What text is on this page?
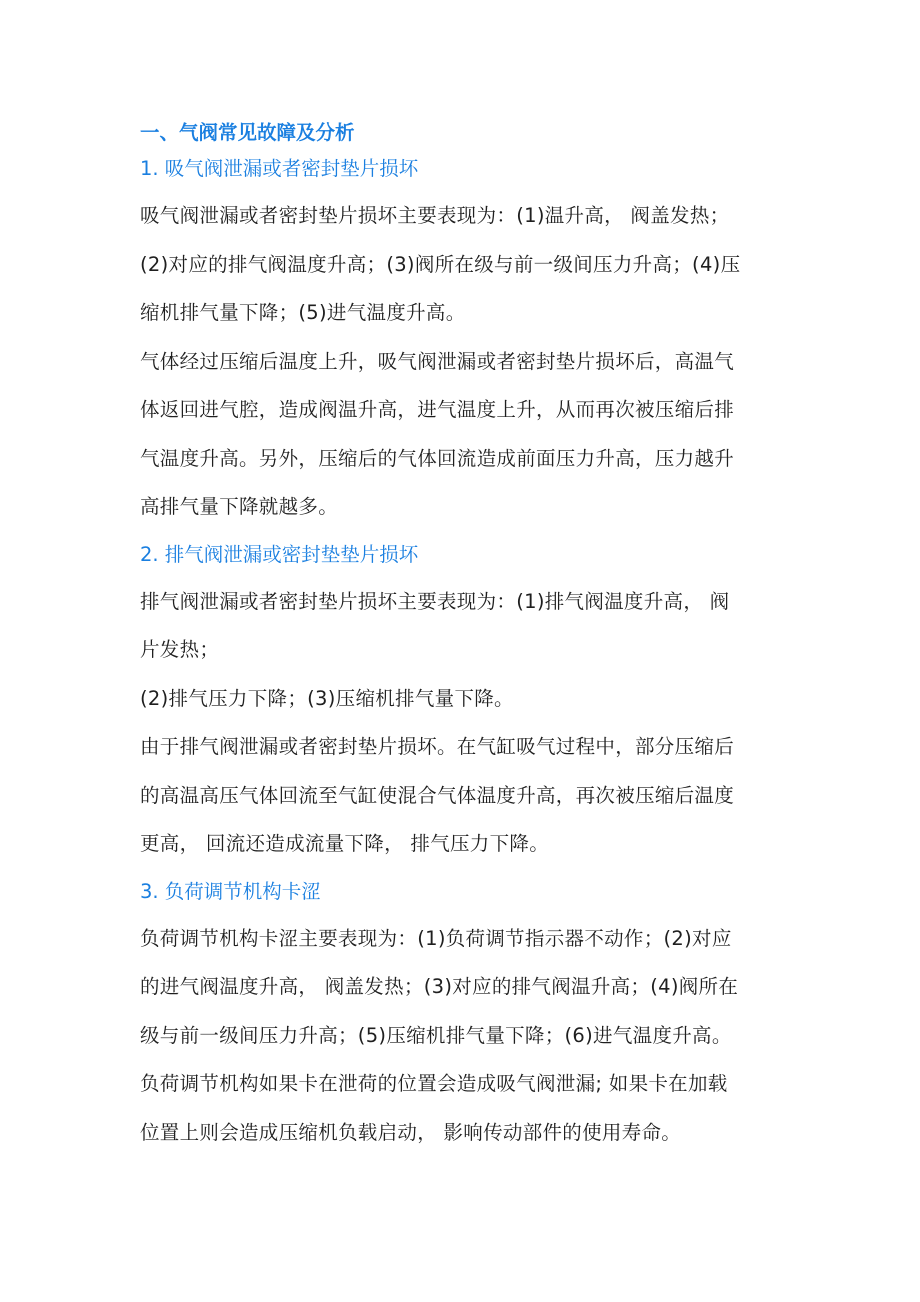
一、气阀常见故障及分析
1. 吸气阀泄漏或者密封垫片损坏
吸气阀泄漏或者密封垫片损坏主要表现为：(1)温升高， 阀盖发热；
(2)对应的排气阀温度升高；(3)阀所在级与前一级间压力升高；(4)压
缩机排气量下降；(5)进气温度升高。
气体经过压缩后温度上升，吸气阀泄漏或者密封垫片损坏后，高温气
体返回进气腔，造成阀温升高，进气温度上升，从而再次被压缩后排
气温度升高。另外，压缩后的气体回流造成前面压力升高，压力越升
高排气量下降就越多。
2. 排气阀泄漏或密封垫垫片损坏
排气阀泄漏或者密封垫片损坏主要表现为：(1)排气阀温度升高， 阀
片发热；
(2)排气压力下降；(3)压缩机排气量下降。
由于排气阀泄漏或者密封垫片损坏。在气缸吸气过程中，部分压缩后
的高温高压气体回流至气缸使混合气体温度升高，再次被压缩后温度
更高， 回流还造成流量下降， 排气压力下降。
3. 负荷调节机构卡涩
负荷调节机构卡涩主要表现为：(1)负荷调节指示器不动作；(2)对应
的进气阀温度升高， 阀盖发热；(3)对应的排气阀温升高；(4)阀所在
级与前一级间压力升高；(5)压缩机排气量下降；(6)进气温度升高。
负荷调节机构如果卡在泄荷的位置会造成吸气阀泄漏; 如果卡在加载
位置上则会造成压缩机负载启动， 影响传动部件的使用寿命。
